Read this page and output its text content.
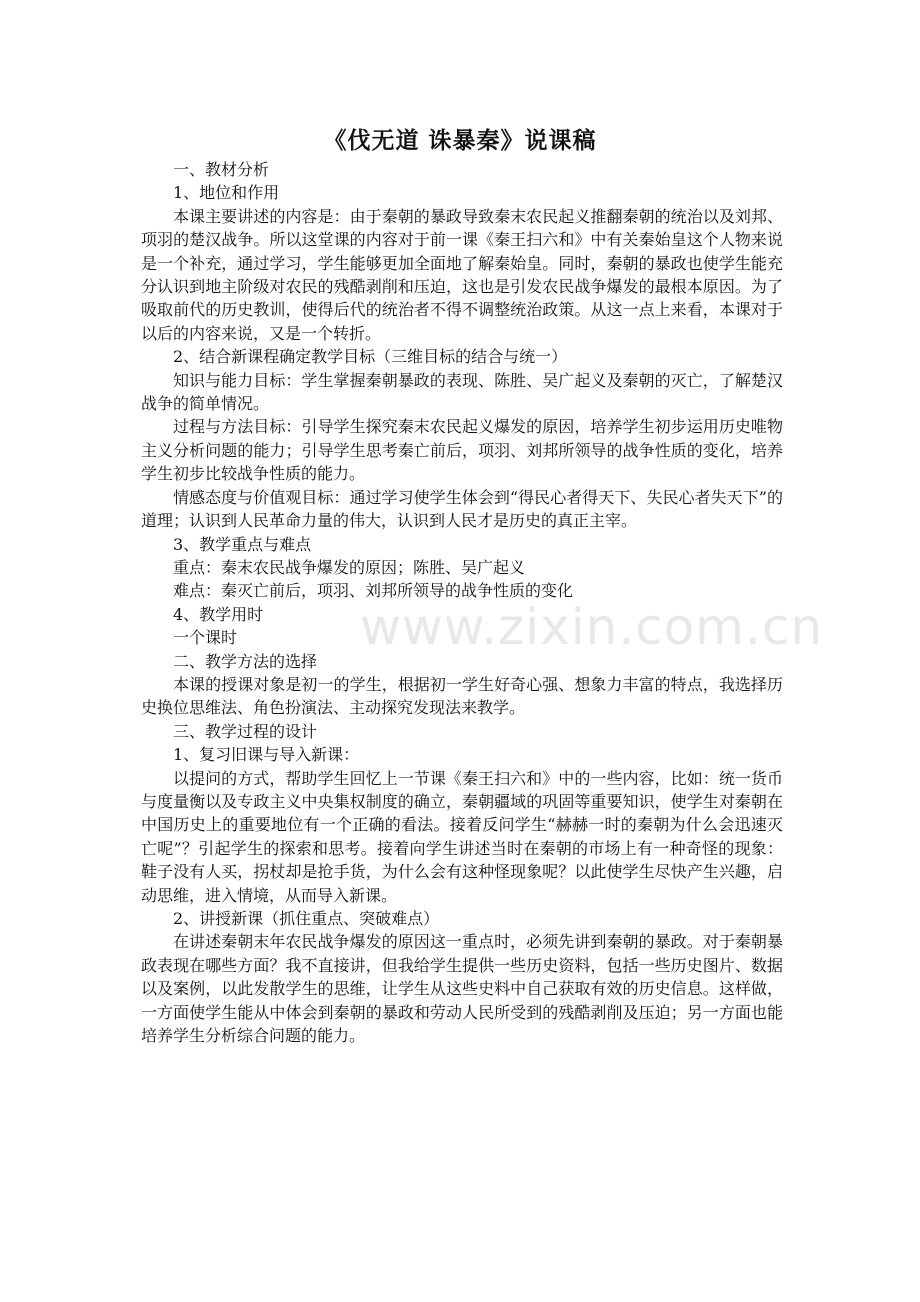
www.zixin.com.cn
《伐无道 诛暴秦》说课稿

一、教材分析

1、地位和作用

本课主要讲述的内容是：由于秦朝的暴政导致秦末农民起义推翻秦朝的统治以及刘邦、项羽的楚汉战争。所以这堂课的内容对于前一课《秦王扫六和》中有关秦始皇这个人物来说是一个补充，通过学习，学生能够更加全面地了解秦始皇。同时，秦朝的暴政也使学生能充分认识到地主阶级对农民的残酷剥削和压迫，这也是引发农民战争爆发的最根本原因。为了吸取前代的历史教训，使得后代的统治者不得不调整统治政策。从这一点上来看，本课对于以后的内容来说，又是一个转折。

2、结合新课程确定教学目标（三维目标的结合与统一）

知识与能力目标：学生掌握秦朝暴政的表现、陈胜、吴广起义及秦朝的灭亡，了解楚汉战争的简单情况。

过程与方法目标：引导学生探究秦末农民起义爆发的原因，培养学生初步运用历史唯物主义分析问题的能力；引导学生思考秦亡前后，项羽、刘邦所领导的战争性质的变化，培养学生初步比较战争性质的能力。

情感态度与价值观目标：通过学习使学生体会到“得民心者得天下、失民心者失天下”的道理；认识到人民革命力量的伟大，认识到人民才是历史的真正主宰。

3、教学重点与难点

重点：秦末农民战争爆发的原因；陈胜、吴广起义

难点：秦灭亡前后，项羽、刘邦所领导的战争性质的变化

4、教学用时

一个课时

二、教学方法的选择

本课的授课对象是初一的学生，根据初一学生好奇心强、想象力丰富的特点，我选择历史换位思维法、角色扮演法、主动探究发现法来教学。

三、教学过程的设计

1、复习旧课与导入新课：

以提问的方式，帮助学生回忆上一节课《秦王扫六和》中的一些内容，比如：统一货币与度量衡以及专政主义中央集权制度的确立，秦朝疆域的巩固等重要知识，使学生对秦朝在中国历史上的重要地位有一个正确的看法。接着反问学生“赫赫一时的秦朝为什么会迅速灭亡呢”？引起学生的探索和思考。接着向学生讲述当时在秦朝的市场上有一种奇怪的现象：鞋子没有人买，拐杖却是抢手货，为什么会有这种怪现象呢？以此使学生尽快产生兴趣，启动思维，进入情境，从而导入新课。

2、讲授新课（抓住重点、突破难点）

在讲述秦朝末年农民战争爆发的原因这一重点时，必须先讲到秦朝的暴政。对于秦朝暴政表现在哪些方面？我不直接讲，但我给学生提供一些历史资料，包括一些历史图片、数据以及案例，以此发散学生的思维，让学生从这些史料中自己获取有效的历史信息。这样做，一方面使学生能从中体会到秦朝的暴政和劳动人民所受到的残酷剥削及压迫；另一方面也能培养学生分析综合问题的能力。
